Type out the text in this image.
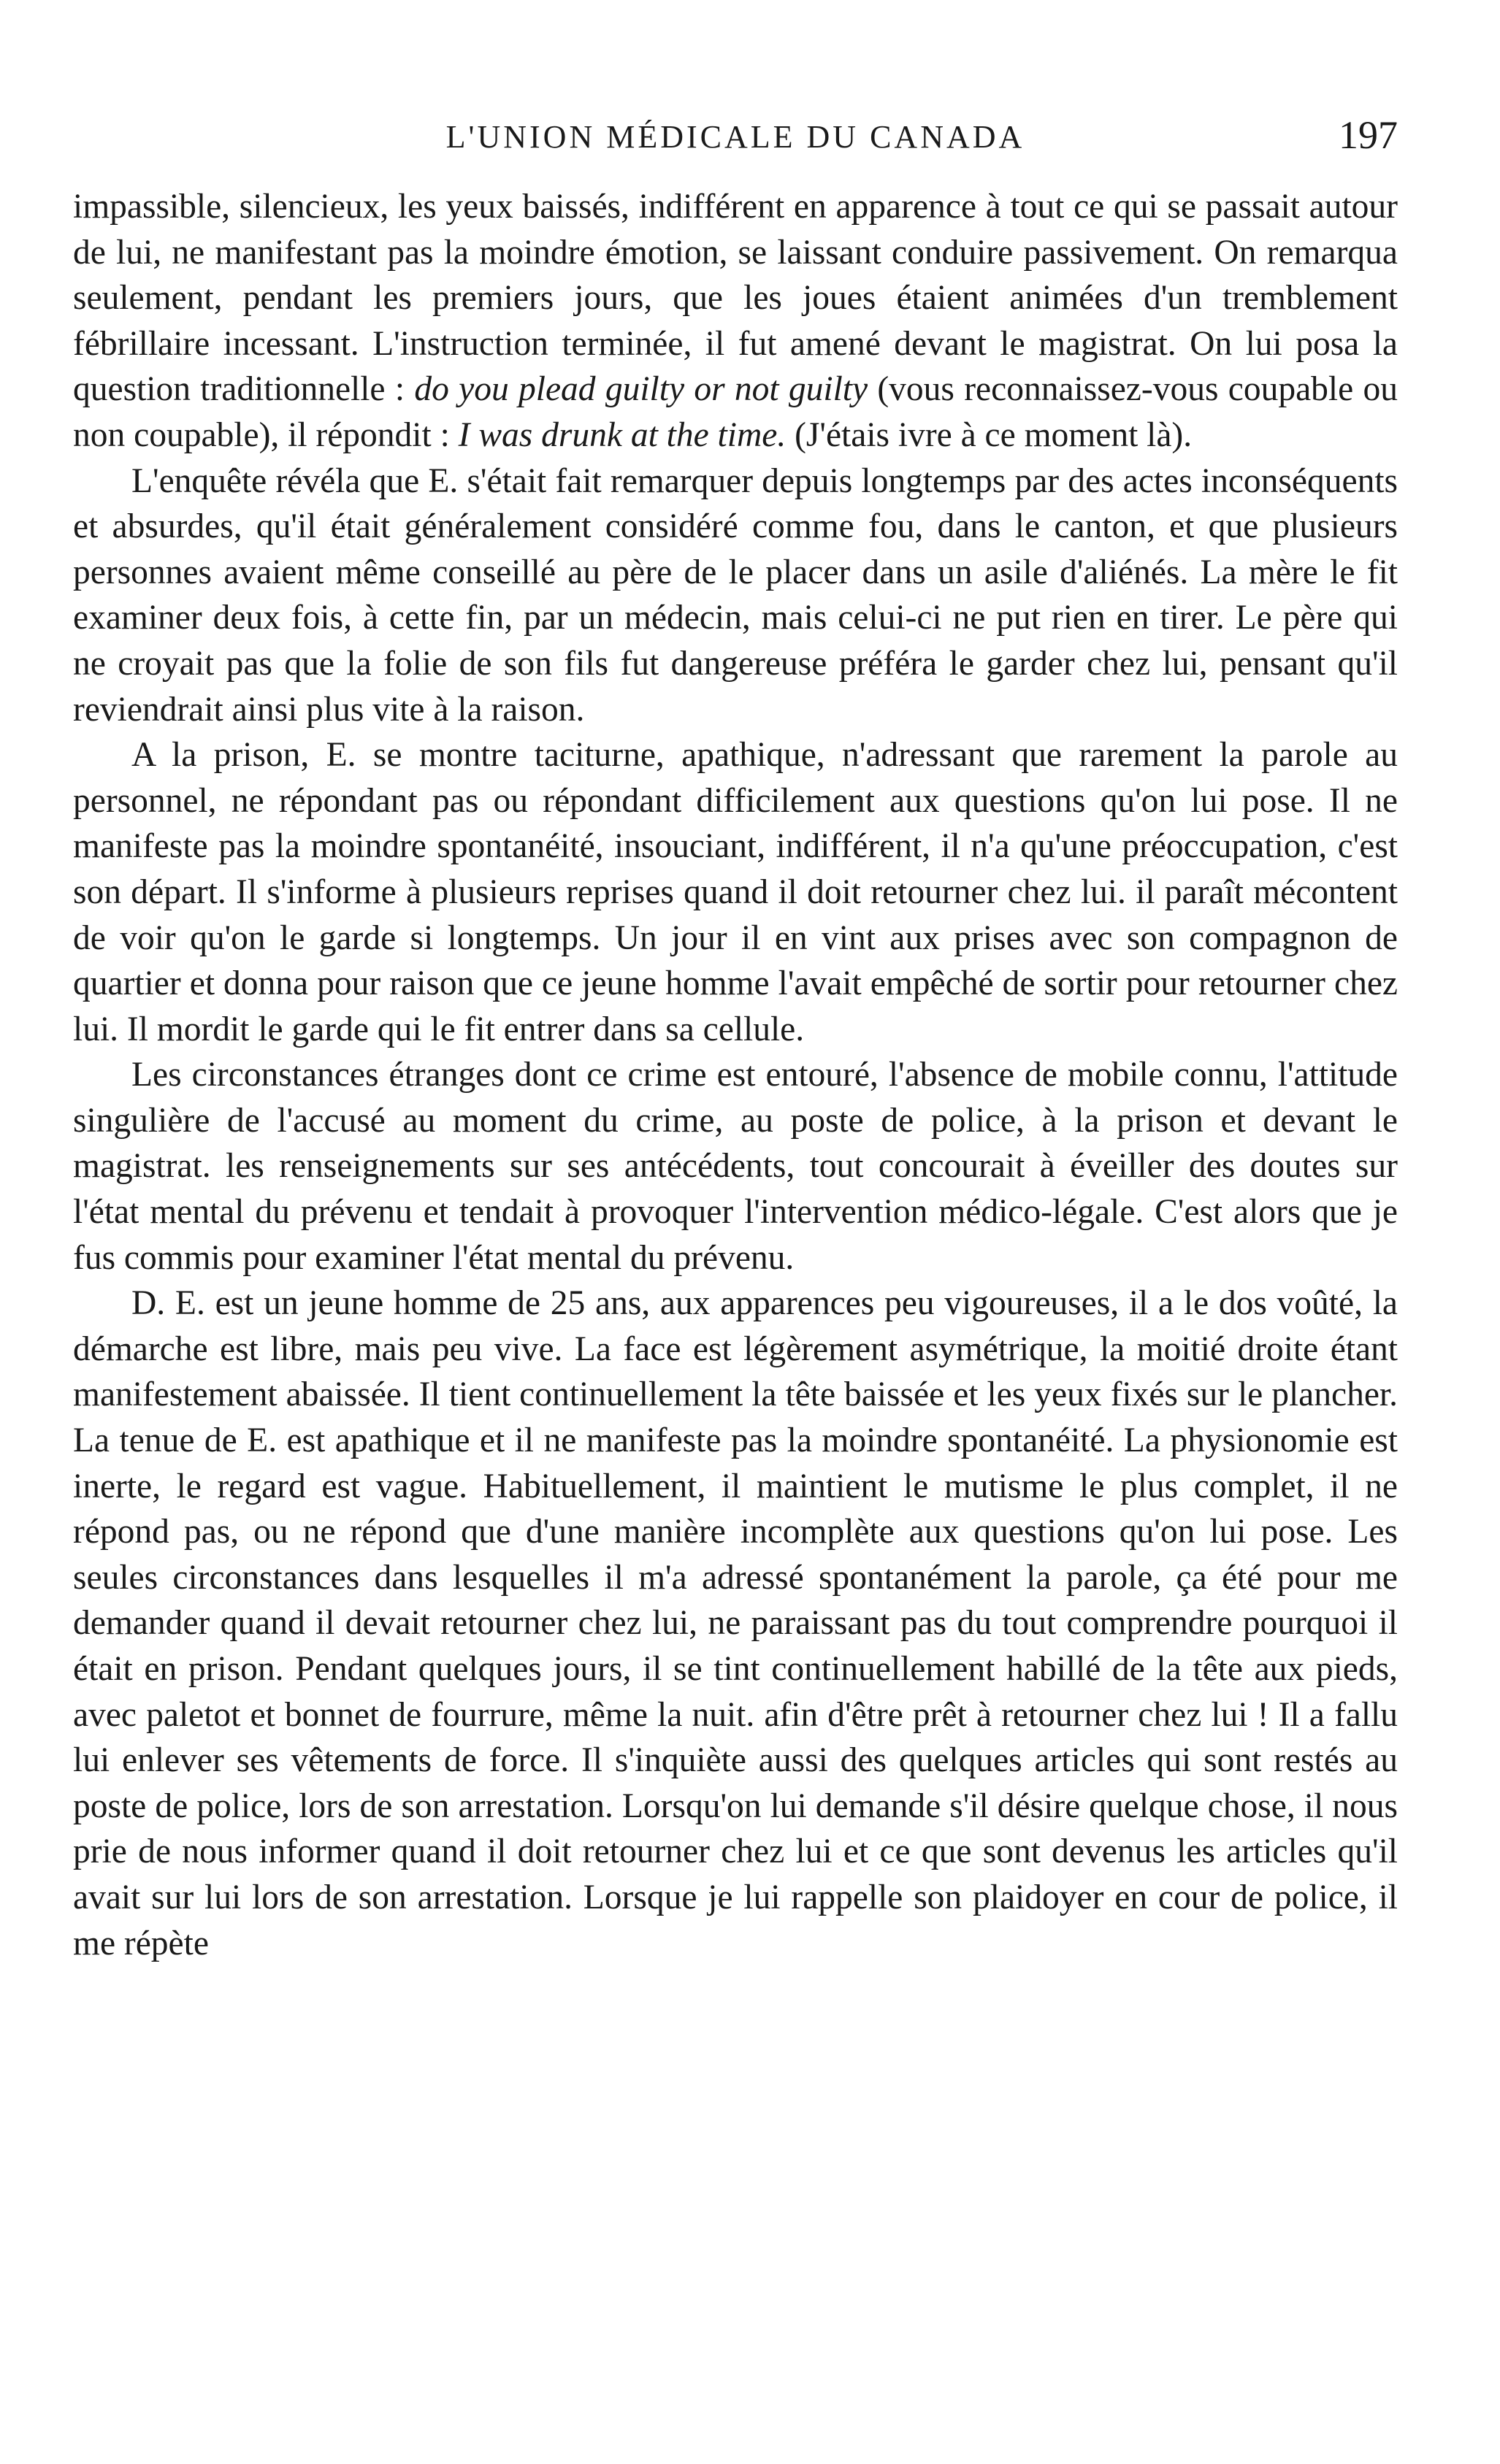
L'UNION MÉDICALE DU CANADA	197

impassible, silencieux, les yeux baissés, indifférent en apparence à tout ce qui se passait autour de lui, ne manifestant pas la moindre émotion, se laissant conduire passivement. On remarqua seulement, pendant les premiers jours, que les joues étaient animées d'un tremblement fébrillaire incessant. L'instruction terminée, il fut amené devant le magistrat. On lui posa la question traditionnelle : do you plead guilty or not guilty (vous reconnaissez-vous coupable ou non coupable), il répondit : I was drunk at the time. (J'étais ivre à ce moment là).

L'enquête révéla que E. s'était fait remarquer depuis longtemps par des actes inconséquents et absurdes, qu'il était généralement considéré comme fou, dans le canton, et que plusieurs personnes avaient même conseillé au père de le placer dans un asile d'aliénés. La mère le fit examiner deux fois, à cette fin, par un médecin, mais celui-ci ne put rien en tirer. Le père qui ne croyait pas que la folie de son fils fut dangereuse préféra le garder chez lui, pensant qu'il reviendrait ainsi plus vite à la raison.

A la prison, E. se montre taciturne, apathique, n'adressant que rarement la parole au personnel, ne répondant pas ou répondant difficilement aux questions qu'on lui pose. Il ne manifeste pas la moindre spontanéité, insouciant, indifférent, il n'a qu'une préoccupation, c'est son départ. Il s'informe à plusieurs reprises quand il doit retourner chez lui. il paraît mécontent de voir qu'on le garde si longtemps. Un jour il en vint aux prises avec son compagnon de quartier et donna pour raison que ce jeune homme l'avait empêché de sortir pour retourner chez lui. Il mordit le garde qui le fit entrer dans sa cellule.

Les circonstances étranges dont ce crime est entouré, l'absence de mobile connu, l'attitude singulière de l'accusé au moment du crime, au poste de police, à la prison et devant le magistrat. les renseignements sur ses antécédents, tout concourait à éveiller des doutes sur l'état mental du prévenu et tendait à provoquer l'intervention médico-légale. C'est alors que je fus commis pour examiner l'état mental du prévenu.

D. E. est un jeune homme de 25 ans, aux apparences peu vigoureuses, il a le dos voûté, la démarche est libre, mais peu vive. La face est légèrement asymétrique, la moitié droite étant manifestement abaissée. Il tient continuellement la tête baissée et les yeux fixés sur le plancher. La tenue de E. est apathique et il ne manifeste pas la moindre spontanéité. La physionomie est inerte, le regard est vague. Habituellement, il maintient le mutisme le plus complet, il ne répond pas, ou ne répond que d'une manière incomplète aux questions qu'on lui pose. Les seules circonstances dans lesquelles il m'a adressé spontanément la parole, ça été pour me demander quand il devait retourner chez lui, ne paraissant pas du tout comprendre pourquoi il était en prison. Pendant quelques jours, il se tint continuellement habillé de la tête aux pieds, avec paletot et bonnet de fourrure, même la nuit. afin d'être prêt à retourner chez lui ! Il a fallu lui enlever ses vêtements de force. Il s'inquiète aussi des quelques articles qui sont restés au poste de police, lors de son arrestation. Lorsqu'on lui demande s'il désire quelque chose, il nous prie de nous informer quand il doit retourner chez lui et ce que sont devenus les articles qu'il avait sur lui lors de son arrestation. Lorsque je lui rappelle son plaidoyer en cour de police, il me répète
